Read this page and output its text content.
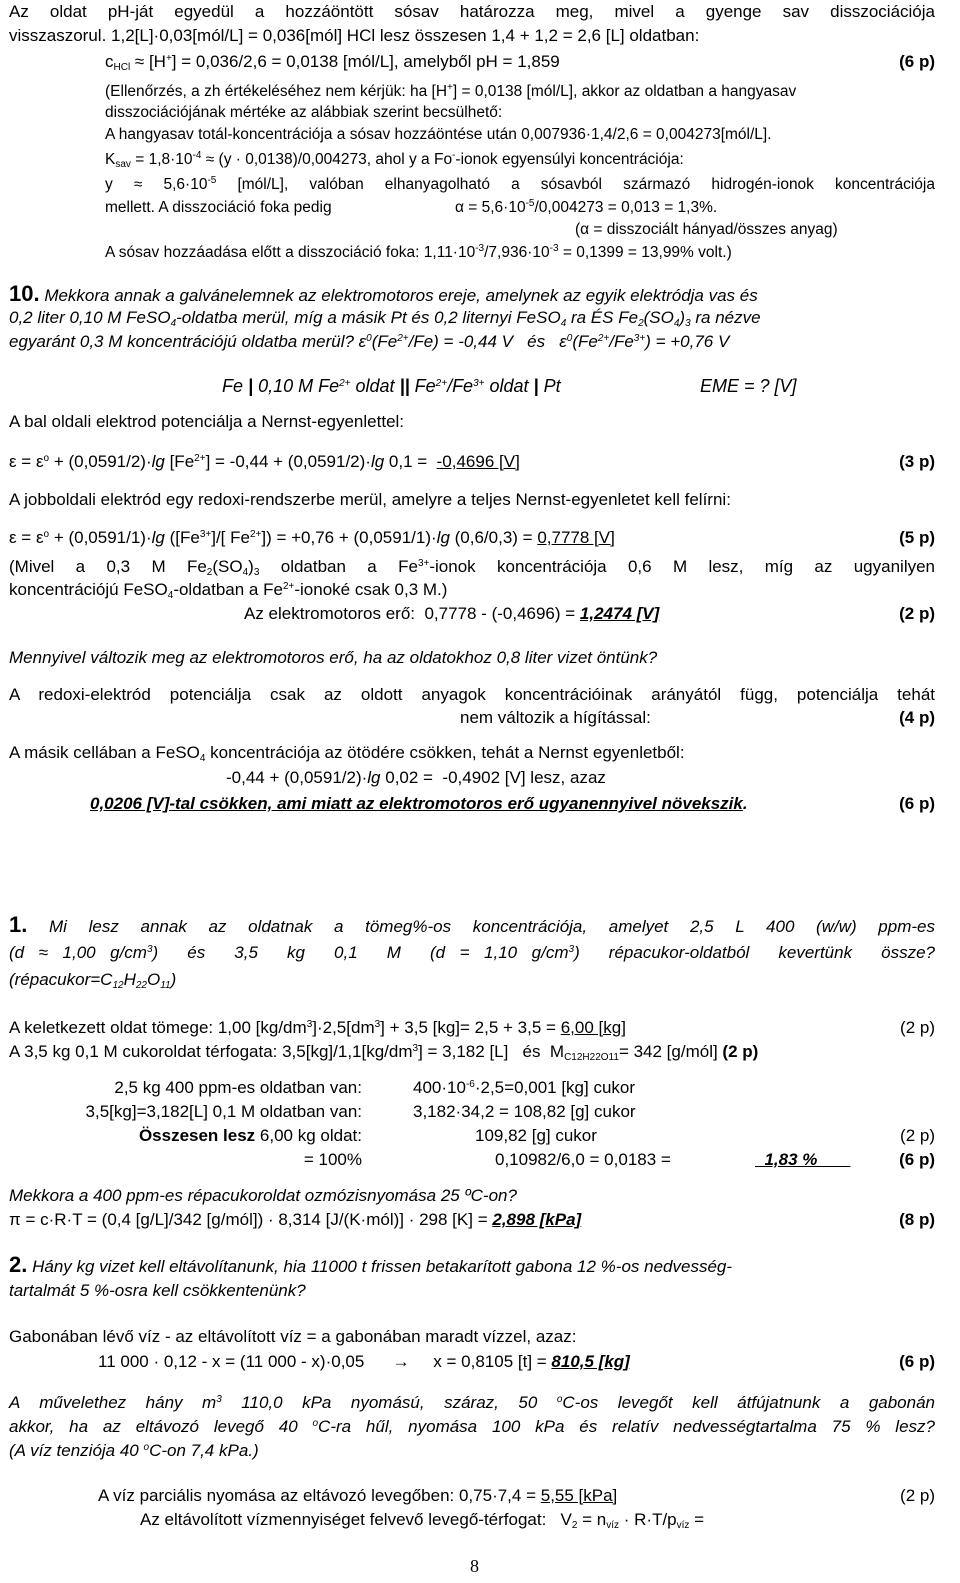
Az oldat pH-ját egyedül a hozzáöntött sósav határozza meg, mivel a gyenge sav disszociációja
visszaszorul. 1,2[L]·0,03[mól/L] = 0,036[mól] HCl lesz összesen 1,4 + 1,2 = 2,6 [L] oldatban:
$c_{HCl} \approx [H^+] = 0,036/2,6 = 0,0138$ [mól/L], amelyből pH = 1,859	(6 p)
(Ellenőrzés, a zh értékeléséhez nem kérjük: ha [H+] = 0,0138 [mól/L], akkor az oldatban a hangyasav
disszociációjának mértéke az alábbiak szerint becsülhető:
A hangyasav totál-koncentrációja a sósav hozzáöntése után 0,007936·1,4/2,6 = 0,004273[mól/L].
$K_{sav} = 1,8\cdot 10^{-4} \approx (y \cdot 0,0138)/0,004273$, ahol y a Fo--ionok egyensúlyi koncentrációja:
$y \approx 5,6\cdot 10^{-5}$ [mól/L], valóban elhanyagolható a sósavból származó hidrogén-ionok koncentrációja
mellett. A disszociáció foka pedig	$\alpha = 5,6\cdot 10^{-5}/0,004273 = 0,013 = 1,3\%$.
(α = disszociált hányad/összes anyag)
A sósav hozzáadása előtt a disszociáció foka: $1,11\cdot 10^{-3}/7,936\cdot 10^{-3} = 0,1399 = 13,99\%$ volt.)
10. Mekkora annak a galvánelemnek az elektromotoros ereje, amelynek az egyik elektródja vas és
0,2 liter 0,10 M FeSO$_4$-oldatba merül, míg a másik Pt és 0,2 liternyi FeSO$_4$ ra ÉS $Fe_2(SO_4)_3$ ra nézve
egyaránt 0,3 M koncentrációjú oldatba merül? $\varepsilon^0(Fe^{2+}/Fe) = -0,44$ V   és   $\varepsilon^0(Fe^{2+}/Fe^{3+}) = +0,76$ V
Fe | 0,10 M $Fe^{2+}$ oldat || $Fe^{2+}/Fe^{3+}$ oldat | Pt	EME = ? [V]
A bal oldali elektrod potenciálja a Nernst-egyenlettel:
$\varepsilon = \varepsilon^o + (0,0591/2)\cdot\lg$ $[Fe^{2+}] = -0,44 + (0,0591/2)\cdot\lg$ 0,1 =  -0,4696 [V]	(3 p)
A jobboldali elektród egy redoxi-rendszerbe merül, amelyre a teljes Nernst-egyenletet kell felírni:
$\varepsilon = \varepsilon^o + (0,0591/1)\cdot\lg$ ($[Fe^{3+}]/$[ $Fe^{2+}]) = +0,76 + (0,0591/1)\cdot\lg$ (0,6/0,3) = 0,7778 [V]	(5 p)
(Mivel a 0,3 M $Fe_2(SO_4)_3$ oldatban a $Fe^{3+}$-ionok koncentrációja 0,6 M lesz, míg az ugyanilyen
koncentrációjú FeSO$_4$-oldatban a $Fe^{2+}$-ionoké csak 0,3 M.)
Az elektromotoros erő:  0,7778 - (-0,4696) = 1,2474 [V]	(2 p)
Mennyivel változik meg az elektromotoros erő, ha az oldatokhoz 0,8 liter vizet öntünk?
A redoxi-elektród potenciálja csak az oldott anyagok koncentrációinak arányától függ, potenciálja tehát
nem változik a hígítással:	(4 p)
A másik cellában a FeSO$_4$ koncentrációja az ötödére csökken, tehát a Nernst egyenletből:
-0,44 + (0,0591/2)·lg 0,02 =  -0,4902 [V] lesz, azaz
0,0206 [V]-tal csökken, ami miatt az elektromotoros erő ugyanennyivel növekszik.	(6 p)
1. Mi lesz annak az oldatnak a tömeg%-os koncentrációja, amelyet 2,5 L 400 (w/w) ppm-es
(d ≈ 1,00 $g/cm^3$)  és  3,5  kg  0,1  M  (d = 1,10 $g/cm^3$)  répacukor-oldatból  kevertünk  össze?
$(répacukor=C_{12}H_{22}O_{11})$
A keletkezett oldat tömege: 1,00 $[kg/dm^3]\cdot 2,5[dm^3] + 3,5$ [kg]= 2,5 + 3,5 = 6,00 [kg]	(2 p)
A 3,5 kg 0,1 M cukoroldat térfogata: $3,5[kg]/1,1[kg/dm^3] = 3,182$ [L]   és  $M_{C12H22O11}= 342$ [g/mól] (2 p)
2,5 kg 400 ppm-es oldatban van:	$400\cdot 10^{-6}\cdot 2,5=0,001$ [kg] cukor
3,5[kg]=3,182[L] 0,1 M oldatban van:	3,182·34,2 = 108,82 [g] cukor
Összesen lesz 6,00 kg oldat:	109,82 [g] cukor	(2 p)
= 100%	0,10982/6,0 = 0,0183 =	1,83 %	(6 p)
Mekkora a 400 ppm-es répacukoroldat ozmózisnyomása 25 ºC-on?
π = c·R·T = (0,4 [g/L]/342 [g/mól]) · 8,314 [J/(K·mól)] · 298 [K] = 2,898 [kPa]	(8 p)
2. Hány kg vizet kell eltávolítanunk, hia 11000 t frissen betakarított gabona 12 %-os nedvesség-
tartalmát 5 %-osra kell csökkentenünk?
Gabonában lévő víz - az eltávolított víz = a gabonában maradt vízzel, azaz:
11 000 · 0,12 - x = (11 000 - x)·0,05      →     x = 0,8105 [t] = 810,5 [kg]	(6 p)
A művelethez hány $m^3$ 110,0 kPa nyomású, száraz, 50 $^o$C-os levegőt kell átfújatnunk a gabonán
akkor, ha az eltávozó levegő 40 $^o$C-ra hűl, nyomása 100 kPa és relatív nedvességtartalma 75 % lesz?
(A víz tenziója 40 $^o$C-on 7,4 kPa.)
A víz parciális nyomása az eltávozó levegőben: 0,75·7,4 = 5,55 [kPa]	(2 p)
Az eltávolított vízmennyiséget felvevő levegő-térfogat:   $V_2 = n_{víz} \cdot R\cdot T/p_{víz}$ =
8
